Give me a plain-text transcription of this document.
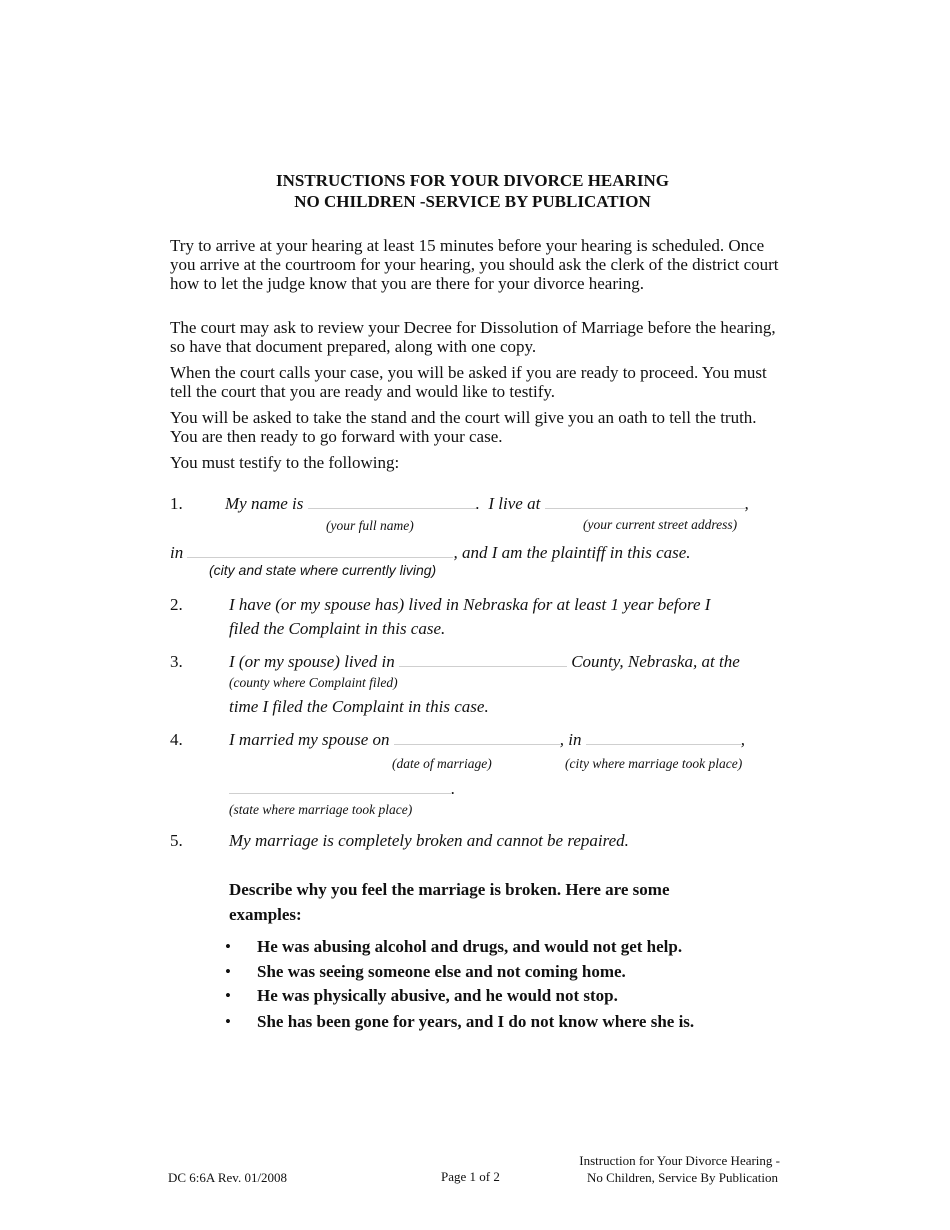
INSTRUCTIONS FOR YOUR DIVORCE HEARING
NO CHILDREN -SERVICE BY PUBLICATION
Try to arrive at your hearing at least 15 minutes before your hearing is scheduled. Once you arrive at the courtroom for your hearing, you should ask the clerk of the district court how to let the judge know that you are there for your divorce hearing.
The court may ask to review your Decree for Dissolution of Marriage before the hearing, so have that document prepared, along with one copy.
When the court calls your case, you will be asked if you are ready to proceed. You must tell the court that you are ready and would like to testify.
You will be asked to take the stand and the court will give you an oath to tell the truth. You are then ready to go forward with your case.
You must testify to the following:
1. My name is	. I live at	,
(your full name)	(your current street address)
in	, and I am the plaintiff in this case.
(city and state where currently living)
2.	I have (or my spouse has) lived in Nebraska for at least 1 year before I
filed the Complaint in this case.
3.	I (or my spouse) lived in	County, Nebraska, at the
(county where Complaint filed)
time I filed the Complaint in this case.
4.	I married my spouse on	, in	,
(date of marriage)	(city where marriage took place)
.
(state where marriage took place)
5.	My marriage is completely broken and cannot be repaired.
Describe why you feel the marriage is broken. Here are some
examples:
• He was abusing alcohol and drugs, and would not get help.
• She was seeing someone else and not coming home.
• He was physically abusive, and he would not stop.
• She has been gone for years, and I do not know where she is.
DC 6:6A Rev. 01/2008	Page 1 of 2
Instruction for Your Divorce Hearing -
No Children, Service By Publication
